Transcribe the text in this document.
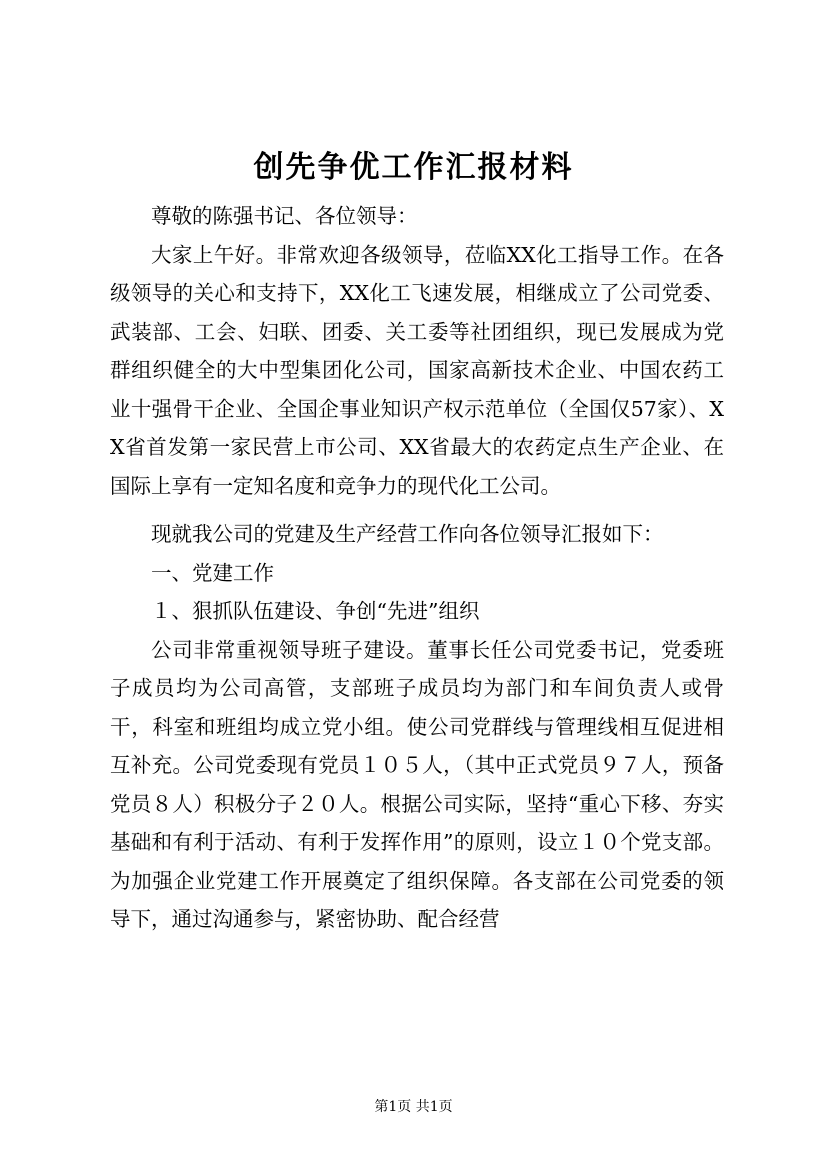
创先争优工作汇报材料

尊敬的陈强书记、各位领导：

大家上午好。非常欢迎各级领导，莅临XX化工指导工作。在各级领导的关心和支持下，XX化工飞速发展，相继成立了公司党委、武装部、工会、妇联、团委、关工委等社团组织，现已发展成为党群组织健全的大中型集团化公司，国家高新技术企业、中国农药工业十强骨干企业、全国企事业知识产权示范单位（全国仅57家）、XX省首发第一家民营上市公司、XX省最大的农药定点生产企业、在国际上享有一定知名度和竞争力的现代化工公司。

现就我公司的党建及生产经营工作向各位领导汇报如下：

一、党建工作

１、狠抓队伍建设、争创“先进”组织

公司非常重视领导班子建设。董事长任公司党委书记，党委班子成员均为公司高管，支部班子成员均为部门和车间负责人或骨干，科室和班组均成立党小组。使公司党群线与管理线相互促进相互补充。公司党委现有党员１０５人，（其中正式党员９７人，预备党员８人）积极分子２０人。根据公司实际，坚持“重心下移、夯实基础和有利于活动、有利于发挥作用”的原则，设立１０个党支部。为加强企业党建工作开展奠定了组织保障。各支部在公司党委的领导下，通过沟通参与，紧密协助、配合经营

第1页 共1页
